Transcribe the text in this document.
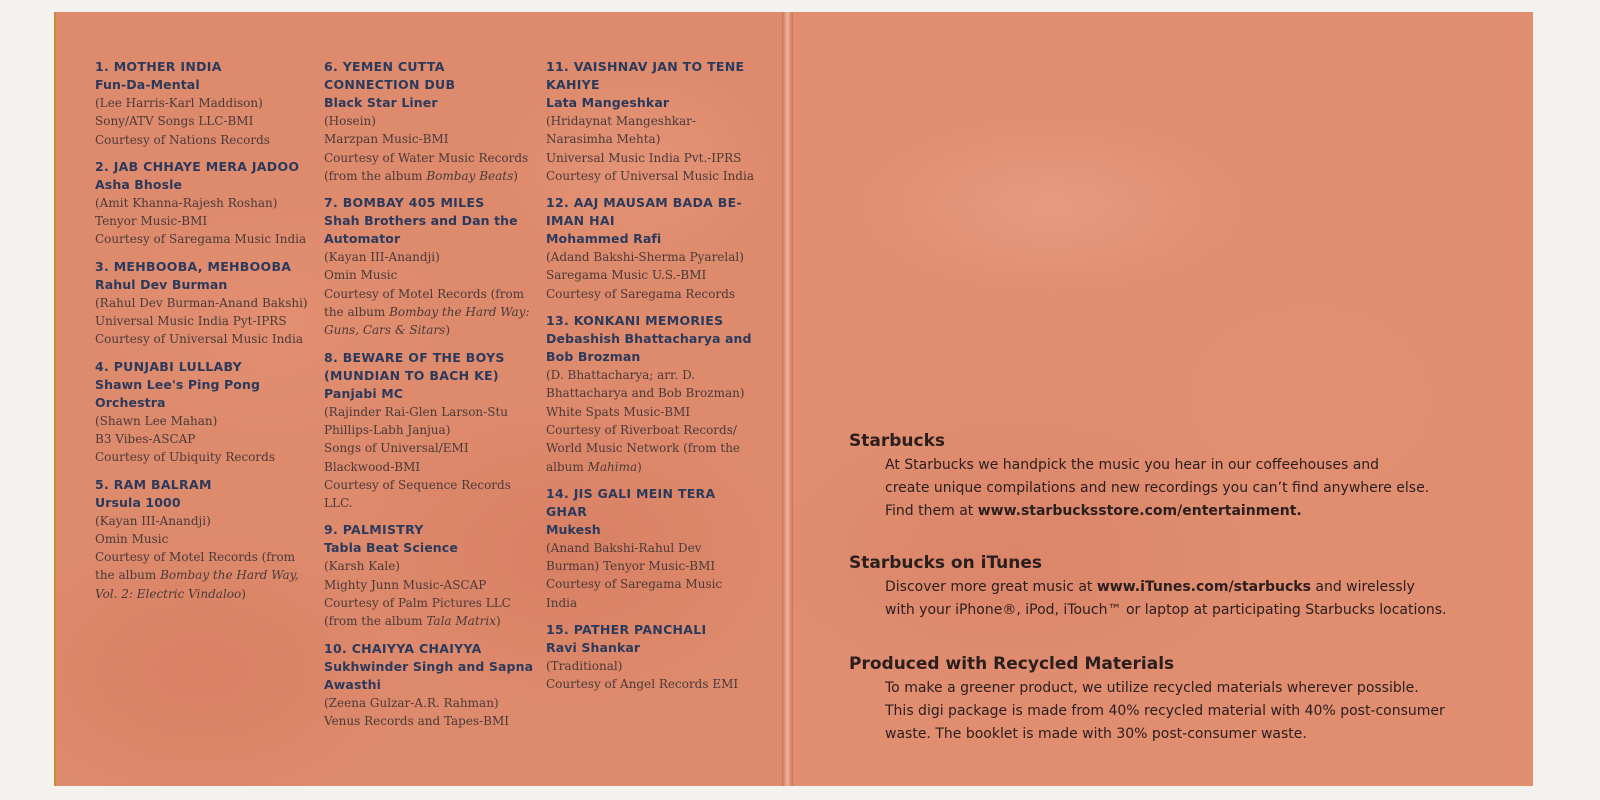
1. MOTHER INDIA
Fun-Da-Mental
(Lee Harris-Karl Maddison)
Sony/ATV Songs LLC-BMI
Courtesy of Nations Records
2. JAB CHHAYE MERA JADOO
Asha Bhosle
(Amit Khanna-Rajesh Roshan)
Tenyor Music-BMI
Courtesy of Saregama Music India
3. MEHBOOBA, MEHBOOBA
Rahul Dev Burman
(Rahul Dev Burman-Anand Bakshi)
Universal Music India Pyt-IPRS
Courtesy of Universal Music India
4. PUNJABI LULLABY
Shawn Lee's Ping Pong Orchestra
(Shawn Lee Mahan)
B3 Vibes-ASCAP
Courtesy of Ubiquity Records
5. RAM BALRAM
Ursula 1000
(Kayan III-Anandji)
Omin Music
Courtesy of Motel Records (from the album Bombay the Hard Way, Vol. 2: Electric Vindaloo)
6. YEMEN CUTTA CONNECTION DUB
Black Star Liner
(Hosein)
Marzpan Music-BMI
Courtesy of Water Music Records (from the album Bombay Beats)
7. BOMBAY 405 MILES
Shah Brothers and Dan the Automator
(Kayan III-Anandji)
Omin Music
Courtesy of Motel Records (from the album Bombay the Hard Way: Guns, Cars & Sitars)
8. BEWARE OF THE BOYS (MUNDIAN TO BACH KE)
Panjabi MC
(Rajinder Rai-Glen Larson-Stu Phillips-Labh Janjua)
Songs of Universal/EMI Blackwood-BMI
Courtesy of Sequence Records LLC.
9. PALMISTRY
Tabla Beat Science
(Karsh Kale)
Mighty Junn Music-ASCAP
Courtesy of Palm Pictures LLC (from the album Tala Matrix)
10. CHAIYYA CHAIYYA
Sukhwinder Singh and Sapna Awasthi
(Zeena Gulzar-A.R. Rahman)
Venus Records and Tapes-BMI
11. VAISHNAV JAN TO TENE KAHIYE
Lata Mangeshkar
(Hridaynat Mangeshkar-Narasimha Mehta)
Universal Music India Pvt.-IPRS
Courtesy of Universal Music India
12. AAJ MAUSAM BADA BE-IMAN HAI
Mohammed Rafi
(Adand Bakshi-Sherma Pyarelal)
Saregama Music U.S.-BMI
Courtesy of Saregama Records
13. KONKANI MEMORIES
Debashish Bhattacharya and Bob Brozman
(D. Bhattacharya; arr. D. Bhattacharya and Bob Brozman)
White Spats Music-BMI
Courtesy of Riverboat Records/ World Music Network (from the album Mahima)
14. JIS GALI MEIN TERA GHAR
Mukesh
(Anand Bakshi-Rahul Dev Burman) Tenyor Music-BMI
Courtesy of Saregama Music India
15. PATHER PANCHALI
Ravi Shankar
(Traditional)
Courtesy of Angel Records EMI
Starbucks

At Starbucks we handpick the music you hear in our coffeehouses and
create unique compilations and new recordings you can’t find anywhere else.
Find them at www.starbucksstore.com/entertainment.

Starbucks on iTunes

Discover more great music at www.iTunes.com/starbucks and wirelessly
with your iPhone®, iPod, iTouch™ or laptop at participating Starbucks locations.

Produced with Recycled Materials

To make a greener product, we utilize recycled materials wherever possible.
This digi package is made from 40% recycled material with 40% post-consumer
waste. The booklet is made with 30% post-consumer waste.
